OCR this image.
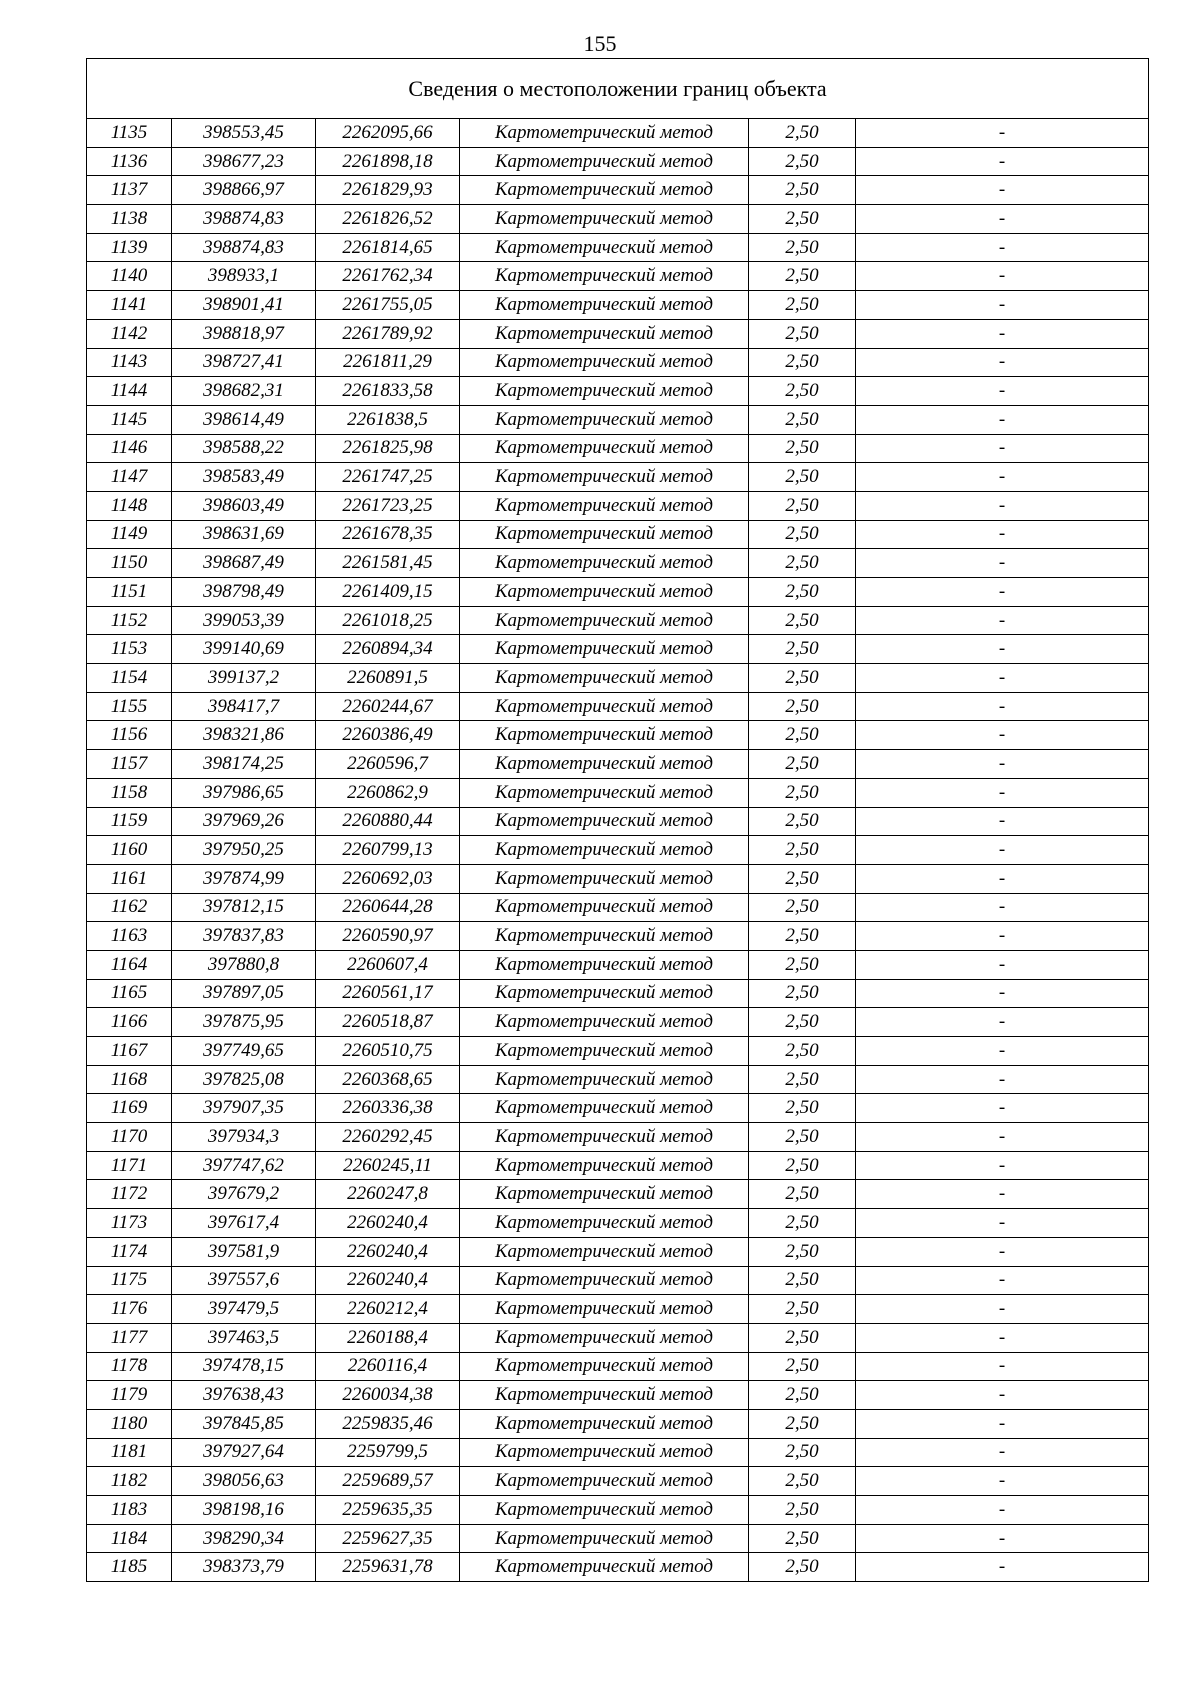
155
Сведения о местоположении границ объекта					
1135	398553,45	2262095,66	Картометрический метод	2,50	-
1136	398677,23	2261898,18	Картометрический метод	2,50	-
1137	398866,97	2261829,93	Картометрический метод	2,50	-
1138	398874,83	2261826,52	Картометрический метод	2,50	-
1139	398874,83	2261814,65	Картометрический метод	2,50	-
1140	398933,1	2261762,34	Картометрический метод	2,50	-
1141	398901,41	2261755,05	Картометрический метод	2,50	-
1142	398818,97	2261789,92	Картометрический метод	2,50	-
1143	398727,41	2261811,29	Картометрический метод	2,50	-
1144	398682,31	2261833,58	Картометрический метод	2,50	-
1145	398614,49	2261838,5	Картометрический метод	2,50	-
1146	398588,22	2261825,98	Картометрический метод	2,50	-
1147	398583,49	2261747,25	Картометрический метод	2,50	-
1148	398603,49	2261723,25	Картометрический метод	2,50	-
1149	398631,69	2261678,35	Картометрический метод	2,50	-
1150	398687,49	2261581,45	Картометрический метод	2,50	-
1151	398798,49	2261409,15	Картометрический метод	2,50	-
1152	399053,39	2261018,25	Картометрический метод	2,50	-
1153	399140,69	2260894,34	Картометрический метод	2,50	-
1154	399137,2	2260891,5	Картометрический метод	2,50	-
1155	398417,7	2260244,67	Картометрический метод	2,50	-
1156	398321,86	2260386,49	Картометрический метод	2,50	-
1157	398174,25	2260596,7	Картометрический метод	2,50	-
1158	397986,65	2260862,9	Картометрический метод	2,50	-
1159	397969,26	2260880,44	Картометрический метод	2,50	-
1160	397950,25	2260799,13	Картометрический метод	2,50	-
1161	397874,99	2260692,03	Картометрический метод	2,50	-
1162	397812,15	2260644,28	Картометрический метод	2,50	-
1163	397837,83	2260590,97	Картометрический метод	2,50	-
1164	397880,8	2260607,4	Картометрический метод	2,50	-
1165	397897,05	2260561,17	Картометрический метод	2,50	-
1166	397875,95	2260518,87	Картометрический метод	2,50	-
1167	397749,65	2260510,75	Картометрический метод	2,50	-
1168	397825,08	2260368,65	Картометрический метод	2,50	-
1169	397907,35	2260336,38	Картометрический метод	2,50	-
1170	397934,3	2260292,45	Картометрический метод	2,50	-
1171	397747,62	2260245,11	Картометрический метод	2,50	-
1172	397679,2	2260247,8	Картометрический метод	2,50	-
1173	397617,4	2260240,4	Картометрический метод	2,50	-
1174	397581,9	2260240,4	Картометрический метод	2,50	-
1175	397557,6	2260240,4	Картометрический метод	2,50	-
1176	397479,5	2260212,4	Картометрический метод	2,50	-
1177	397463,5	2260188,4	Картометрический метод	2,50	-
1178	397478,15	2260116,4	Картометрический метод	2,50	-
1179	397638,43	2260034,38	Картометрический метод	2,50	-
1180	397845,85	2259835,46	Картометрический метод	2,50	-
1181	397927,64	2259799,5	Картометрический метод	2,50	-
1182	398056,63	2259689,57	Картометрический метод	2,50	-
1183	398198,16	2259635,35	Картометрический метод	2,50	-
1184	398290,34	2259627,35	Картометрический метод	2,50	-
1185	398373,79	2259631,78	Картометрический метод	2,50	-
